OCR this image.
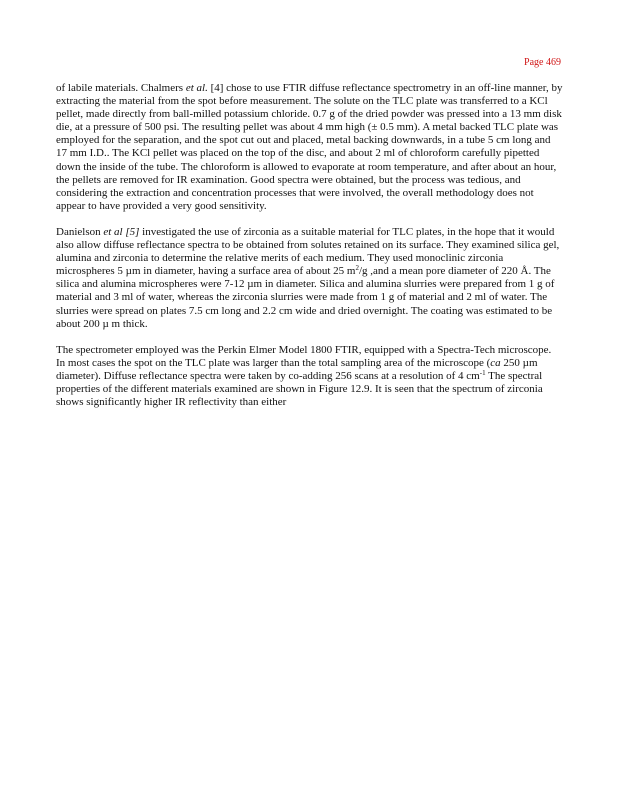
Page 469

of labile materials. Chalmers et al. [4] chose to use FTIR diffuse reflectance spectrometry in an off-line manner, by extracting the material from the spot before measurement. The solute on the TLC plate was transferred to a KCl pellet, made directly from ball-milled potassium chloride. 0.7 g of the dried powder was pressed into a 13 mm disk die, at a pressure of 500 psi. The resulting pellet was about 4 mm high (± 0.5 mm). A metal backed TLC plate was employed for the separation, and the spot cut out and placed, metal backing downwards, in a tube 5 cm long and 17 mm I.D.. The KCl pellet was placed on the top of the disc, and about 2 ml of chloroform carefully pipetted down the inside of the tube. The chloroform is allowed to evaporate at room temperature, and after about an hour, the pellets are removed for IR examination. Good spectra were obtained, but the process was tedious, and considering the extraction and concentration processes that were involved, the overall methodology does not appear to have provided a very good sensitivity.

Danielson et al [5] investigated the use of zirconia as a suitable material for TLC plates, in the hope that it would also allow diffuse reflectance spectra to be obtained from solutes retained on its surface. They examined silica gel, alumina and zirconia to determine the relative merits of each medium. They used monoclinic zirconia microspheres 5 µm in diameter, having a surface area of about 25 $m^2/g$ ,and a mean pore diameter of 220 Å. The silica and alumina microspheres were 7-12 µm in diameter. Silica and alumina slurries were prepared from 1 g of material and 3 ml of water, whereas the zirconia slurries were made from 1 g of material and 2 ml of water. The slurries were spread on plates 7.5 cm long and 2.2 cm wide and dried overnight. The coating was estimated to be about 200 µ m thick.

The spectrometer employed was the Perkin Elmer Model 1800 FTIR, equipped with a Spectra-Tech microscope. In most cases the spot on the TLC plate was larger than the total sampling area of the microscope (ca 250 µm diameter). Diffuse reflectance spectra were taken by co-adding 256 scans at a resolution of 4 $cm^{-1}$ The spectral properties of the different materials examined are shown in Figure 12.9. It is seen that the spectrum of zirconia shows significantly higher IR reflectivity than either
